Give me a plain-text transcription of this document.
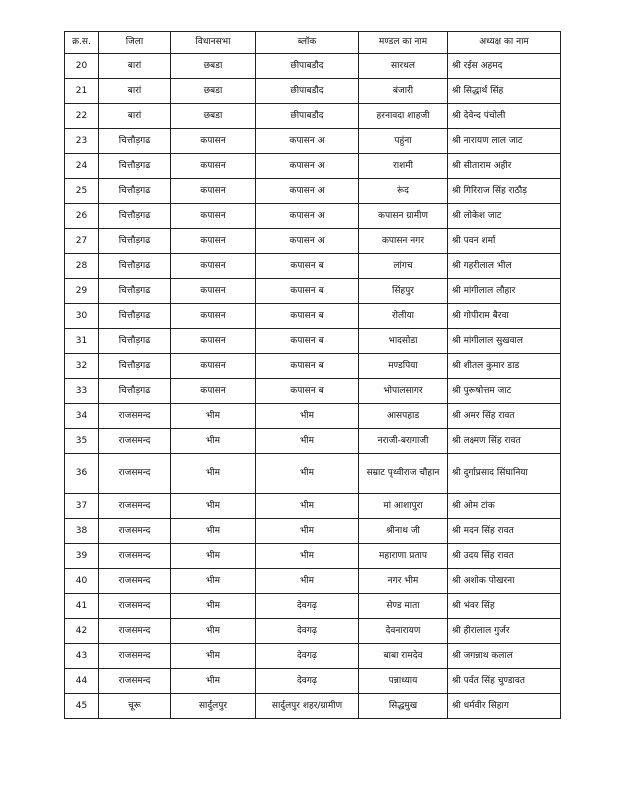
क्र.स.	जिला	विधानसभा	ब्लॉक	मण्डल का नाम	अध्यक्ष का नाम
20	बारां	छबडा	छीपाबडौद	सारथल	श्री रईस अहमद
21	बारां	छबडा	छीपाबडौद	बंजारी	श्री सिद्धार्थ सिंह
22	बारां	छबडा	छीपाबडौद	हरनावदा शाहजी	श्री देवेन्द पंचोली
23	चित्तौड़गढ	कपासन	कपासन अ	पहुंना	श्री नारायण लाल जाट
24	चित्तौड़गढ	कपासन	कपासन अ	राशमी	श्री सीताराम अहीर
25	चित्तौड़गढ	कपासन	कपासन अ	रूंद	श्री गिरिराज सिंह राठौड़
26	चित्तौड़गढ	कपासन	कपासन अ	कपासन ग्रामीण	श्री लोकेश जाट
27	चित्तौड़गढ	कपासन	कपासन अ	कपासन नगर	श्री पवन शर्मा
28	चित्तौड़गढ	कपासन	कपासन ब	लांगच	श्री गहरीलाल भील
29	चित्तौड़गढ	कपासन	कपासन ब	सिंहपुर	श्री मांगीलाल लौहार
30	चित्तौड़गढ	कपासन	कपासन ब	रोलीया	श्री गोपीराम बैरवा
31	चित्तौड़गढ	कपासन	कपासन ब	भादसोडा	श्री मांगीलाल सुखवाल
32	चित्तौड़गढ	कपासन	कपासन ब	मण्डपिया	श्री शीतल कुमार डाड
33	चित्तौड़गढ	कपासन	कपासन ब	भोपालसागर	श्री पुरूषोत्तम जाट
34	राजसमन्द	भीम	भीम	आसपहाड	श्री अमर सिंह रावत
35	राजसमन्द	भीम	भीम	नराजी-बरागाजी	श्री लक्ष्मण सिंह रावत
36	राजसमन्द	भीम	भीम	सम्राट पृथ्वीराज चौहान	श्री दुर्गाप्रसाद सिंघानिया
37	राजसमन्द	भीम	भीम	मां आशापुरा	श्री ओम टांक
38	राजसमन्द	भीम	भीम	श्रीनाथ जी	श्री मदन सिंह रावत
39	राजसमन्द	भीम	भीम	महाराणा प्रताप	श्री उदय सिंह रावत
40	राजसमन्द	भीम	भीम	नगर भीम	श्री अशोक पोखरना
41	राजसमन्द	भीम	देवगढ़	सेण्ड माता	श्री भंवर सिंह
42	राजसमन्द	भीम	देवगढ़	देवनारायण	श्री हीरालाल गुर्जर
43	राजसमन्द	भीम	देवगढ़	बाबा रामदेव	श्री जगन्नाथ कलाल
44	राजसमन्द	भीम	देवगढ़	पन्नाध्याय	श्री पर्वत सिंह चुण्डावत
45	चूरू	सार्दुलपुर	सार्दुलपुर शहर/ग्रामीण	सिद्धमुख	श्री धर्मवीर सिहाग
